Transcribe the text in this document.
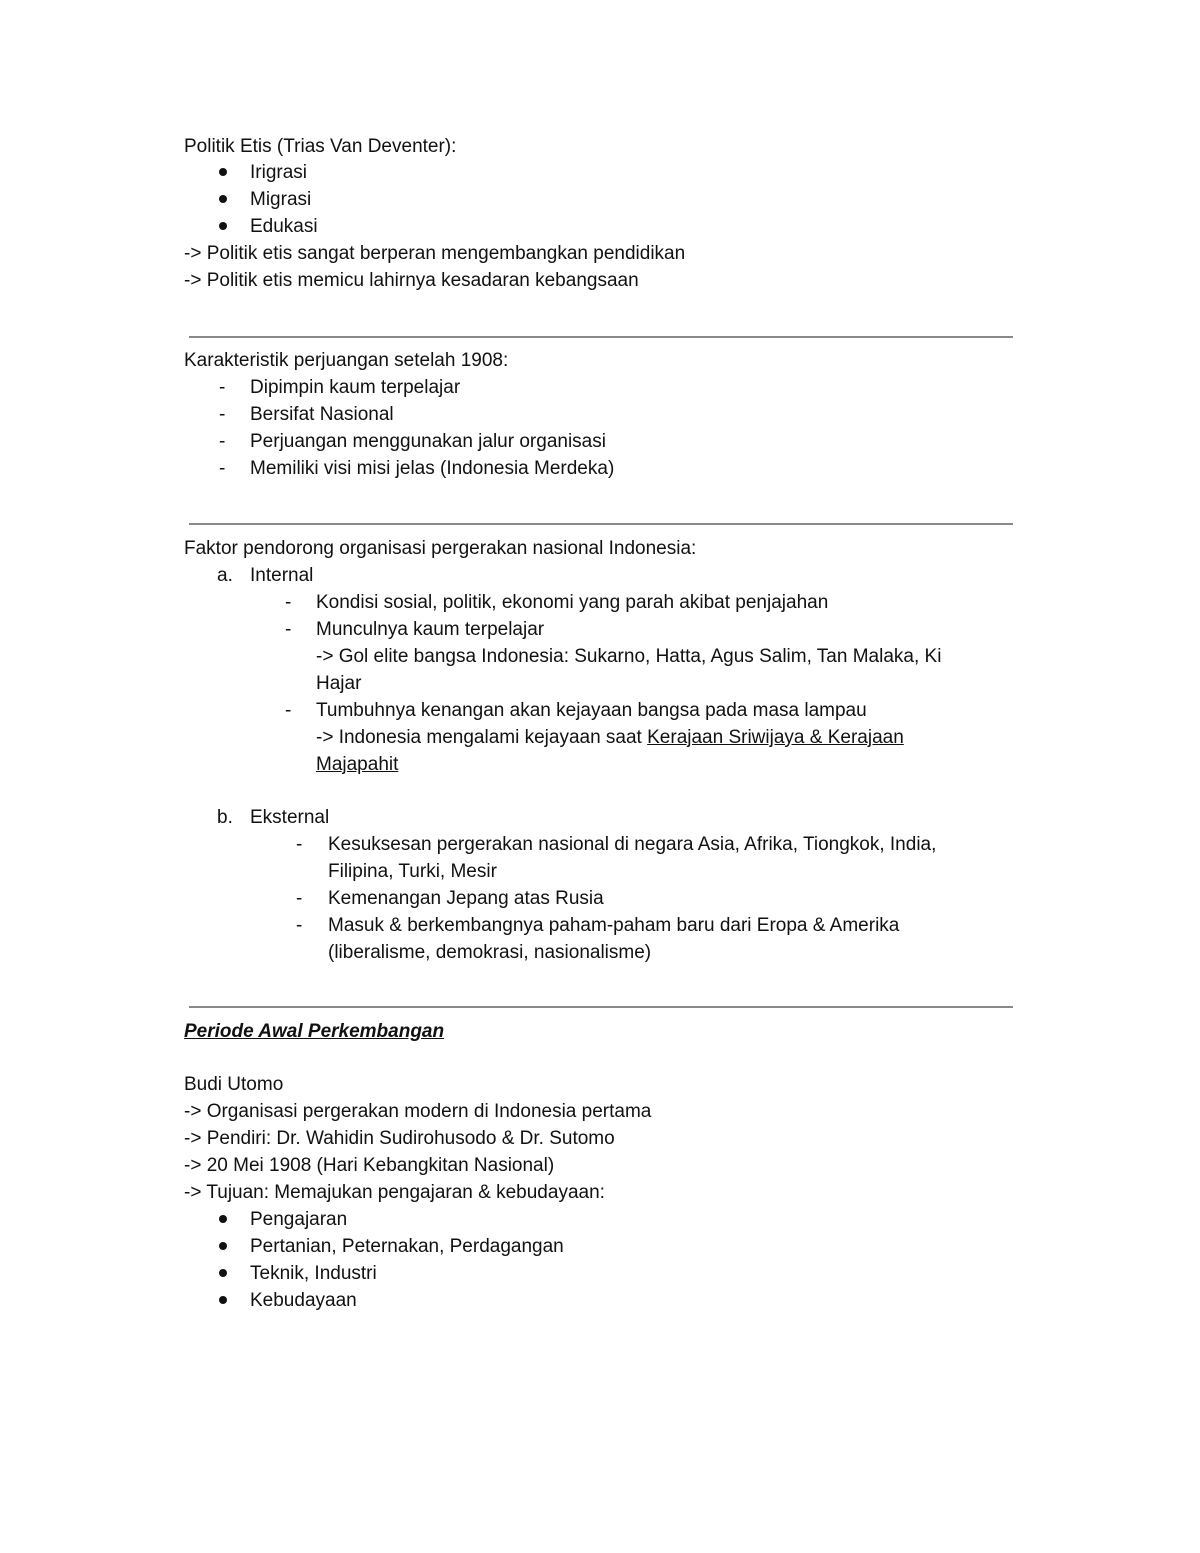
Politik Etis (Trias Van Deventer):
Irigrasi
Migrasi
Edukasi
-> Politik etis sangat berperan mengembangkan pendidikan
-> Politik etis memicu lahirnya kesadaran kebangsaan
Karakteristik perjuangan setelah 1908:
- Dipimpin kaum terpelajar
- Bersifat Nasional
- Perjuangan menggunakan jalur organisasi
- Memiliki visi misi jelas (Indonesia Merdeka)
Faktor pendorong organisasi pergerakan nasional Indonesia:
a. Internal
- Kondisi sosial, politik, ekonomi yang parah akibat penjajahan
- Munculnya kaum terpelajar
-> Gol elite bangsa Indonesia: Sukarno, Hatta, Agus Salim, Tan Malaka, Ki
Hajar
- Tumbuhnya kenangan akan kejayaan bangsa pada masa lampau
-> Indonesia mengalami kejayaan saat Kerajaan Sriwijaya & Kerajaan
Majapahit
b. Eksternal
- Kesuksesan pergerakan nasional di negara Asia, Afrika, Tiongkok, India,
Filipina, Turki, Mesir
- Kemenangan Jepang atas Rusia
- Masuk & berkembangnya paham-paham baru dari Eropa & Amerika
(liberalisme, demokrasi, nasionalisme)
Periode Awal Perkembangan
Budi Utomo
-> Organisasi pergerakan modern di Indonesia pertama
-> Pendiri: Dr. Wahidin Sudirohusodo & Dr. Sutomo
-> 20 Mei 1908 (Hari Kebangkitan Nasional)
-> Tujuan: Memajukan pengajaran & kebudayaan:
Pengajaran
Pertanian, Peternakan, Perdagangan
Teknik, Industri
Kebudayaan
